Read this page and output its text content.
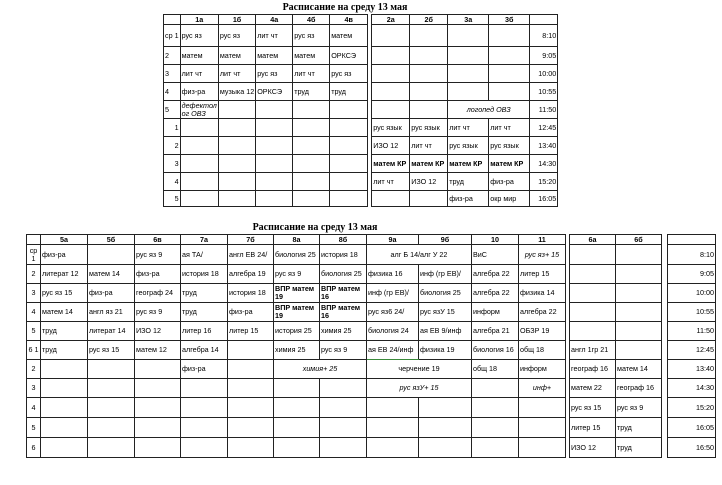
Расписание на среду 13 мая
	1а	1б	4а	4б	4в		2а	2б	3а	3б	
ср 1	рус яз	рус яз	лит чт	рус яз	матем						8:10
2	матем	матем	матем	матем	ОРКСЭ						9:05
3	лит чт	лит чт	рус яз	лит чт	рус яз						10:00
4	физ-ра	музыка 12	ОРКСЭ	труд	труд						10:55
5	дефектол ог ОВЗ								логопед ОВЗ		11:50
1							рус язык	рус язык	лит чт	лит чт	12:45
2							ИЗО 12	лит чт	рус язык	рус язык	13:40
3							матем КР	матем КР	матем КР	матем КР	14:30
4							лит чт	ИЗО 12	труд	физ-ра	15:20
5									физ-ра	окр мир	16:05
Расписание на среду 13 мая
	5а	5б	6в	7а	7б	8а	8б	9а	9б	10	11		6а	6б		
ср 1	физ-ра		рус яз 9	ая ТА/	англ ЕВ 24/	биология 25	история 18	алг Б 14/алг У 22		ВиС	рус яз+ 15					8:10
2	литерат 12	матем 14	физ-ра	история 18	алгебра 19	рус яз 9	биология 25	физика 16	инф (гр ЕВ)/	алгебра 22	литер 15					9:05
3	рус яз 15	физ-ра	географ 24	труд	история 18	ВПР матем 19	ВПР матем 16	инф (гр ЕВ)/	биология 25	алгебра 22	физика 14					10:00
4	матем 14	англ яз 21	рус яз 9	труд	физ-ра	ВПР матем 19	ВПР матем 16	рус яз6 24/	рус язУ 15	информ	алгебра 22					10:55
5	труд	литерат 14	ИЗО 12	литер 16	литер 15	история 25	химия 25	биология 24	ая ЕВ 9/инф	алгебра 21	ОБЗР 19					11:50
6 1	труд	рус яз 15	матем 12	алгебра 14		химия 25	рус яз 9	ая ЕВ 24/инф	физика 19	биология 16	общ 18		англ 1гр 21			12:45
2				физ-ра		химия+ 25		черчение 19		общ 18	информ		географ 16	матем 14		13:40
3								рус язУ+ 15			инф+		матем 22	географ 16		14:30
4													рус яз 15	рус яз 9		15:20
5													литер 15	труд		16:05
6													ИЗО 12	труд		16:50
